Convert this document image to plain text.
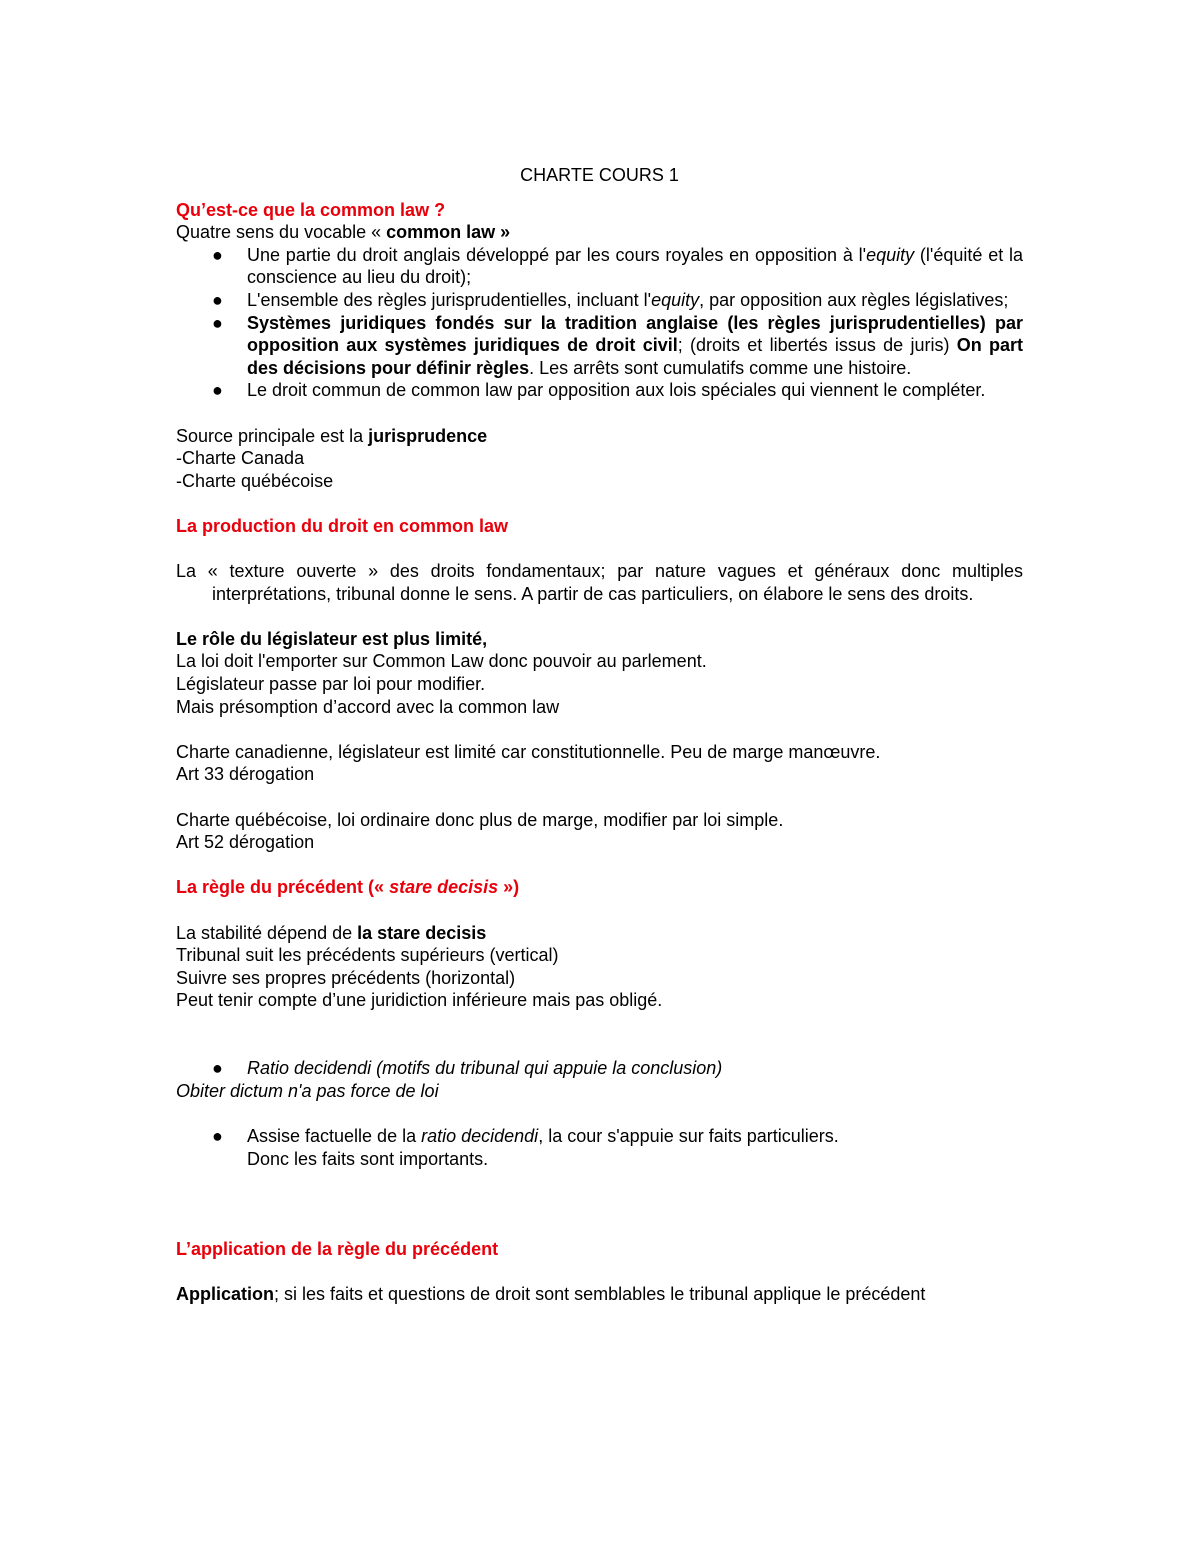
CHARTE COURS 1
Qu’est-ce que la common law ?
Quatre sens du vocable « common law »
● Une partie du droit anglais développé par les cours royales en opposition à l'equity (l'équité et la conscience au lieu du droit);
● L'ensemble des règles jurisprudentielles, incluant l'equity, par opposition aux règles législatives;
● Systèmes juridiques fondés sur la tradition anglaise (les règles jurisprudentielles) par opposition aux systèmes juridiques de droit civil; (droits et libertés issus de juris) On part des décisions pour définir règles. Les arrêts sont cumulatifs comme une histoire.
● Le droit commun de common law par opposition aux lois spéciales qui viennent le compléter.
Source principale est la jurisprudence
-Charte Canada
-Charte québécoise
La production du droit en common law
La « texture ouverte » des droits fondamentaux; par nature vagues et généraux donc multiples interprétations, tribunal donne le sens. A partir de cas particuliers, on élabore le sens des droits.
Le rôle du législateur est plus limité,
La loi doit l'emporter sur Common Law donc pouvoir au parlement.
Législateur passe par loi pour modifier.
Mais présomption d’accord avec la common law
Charte canadienne, législateur est limité car constitutionnelle. Peu de marge manœuvre.
Art 33 dérogation
Charte québécoise, loi ordinaire donc plus de marge, modifier par loi simple.
Art 52 dérogation
La règle du précédent (« stare decisis »)
La stabilité dépend de la stare decisis
Tribunal suit les précédents supérieurs (vertical)
Suivre ses propres précédents (horizontal)
Peut tenir compte d’une juridiction inférieure mais pas obligé.
● Ratio decidendi (motifs du tribunal qui appuie la conclusion)
Obiter dictum n'a pas force de loi
● Assise factuelle de la ratio decidendi, la cour s'appuie sur faits particuliers.
Donc les faits sont importants.
L’application de la règle du précédent
Application; si les faits et questions de droit sont semblables le tribunal applique le précédent
